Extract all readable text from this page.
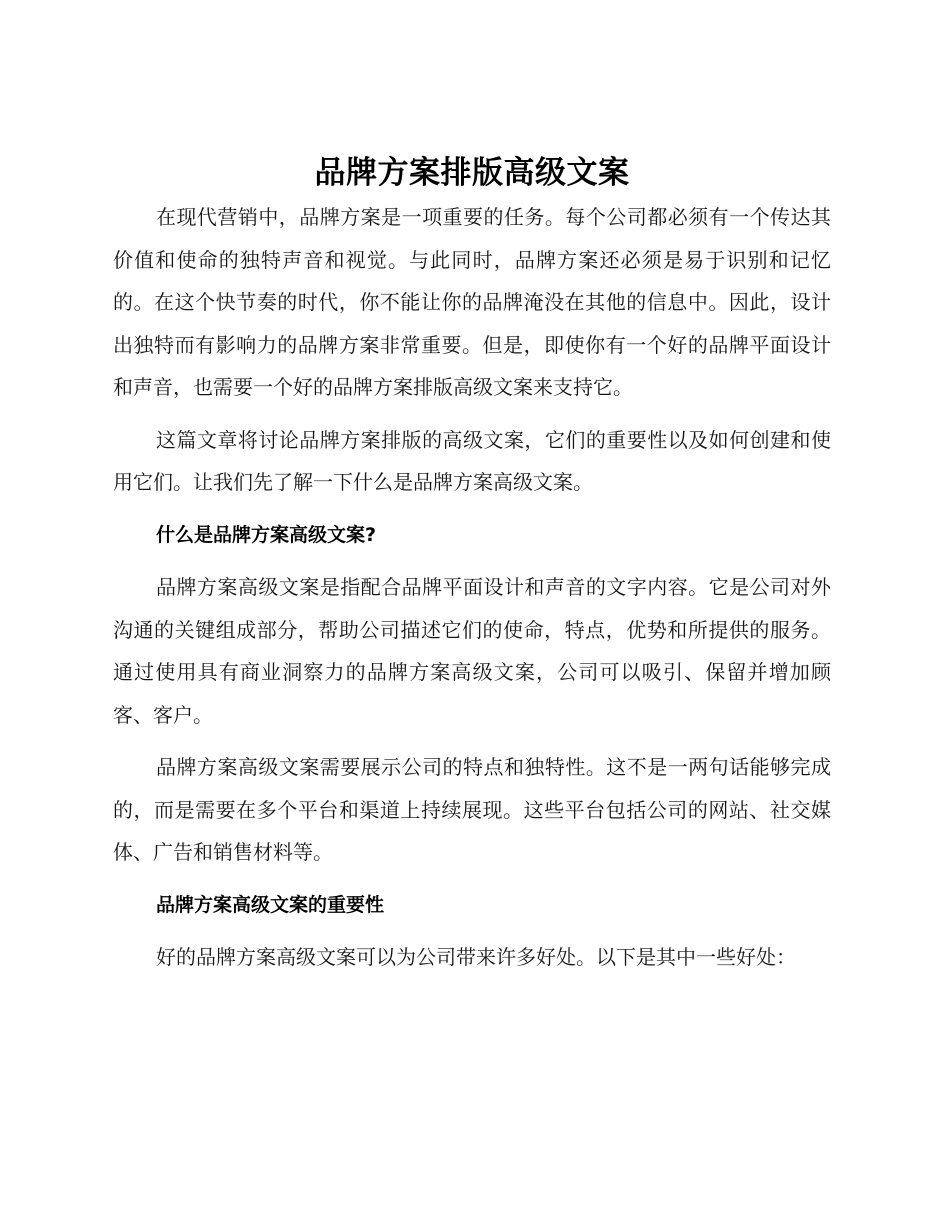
品牌方案排版高级文案

在现代营销中，品牌方案是一项重要的任务。每个公司都必须有一个传达其价值和使命的独特声音和视觉。与此同时，品牌方案还必须是易于识别和记忆的。在这个快节奏的时代，你不能让你的品牌淹没在其他的信息中。因此，设计出独特而有影响力的品牌方案非常重要。但是，即使你有一个好的品牌平面设计和声音，也需要一个好的品牌方案排版高级文案来支持它。

这篇文章将讨论品牌方案排版的高级文案，它们的重要性以及如何创建和使用它们。让我们先了解一下什么是品牌方案高级文案。

什么是品牌方案高级文案?

品牌方案高级文案是指配合品牌平面设计和声音的文字内容。它是公司对外沟通的关键组成部分，帮助公司描述它们的使命，特点，优势和所提供的服务。通过使用具有商业洞察力的品牌方案高级文案，公司可以吸引、保留并增加顾客、客户。

品牌方案高级文案需要展示公司的特点和独特性。这不是一两句话能够完成的，而是需要在多个平台和渠道上持续展现。这些平台包括公司的网站、社交媒体、广告和销售材料等。

品牌方案高级文案的重要性

好的品牌方案高级文案可以为公司带来许多好处。以下是其中一些好处：
